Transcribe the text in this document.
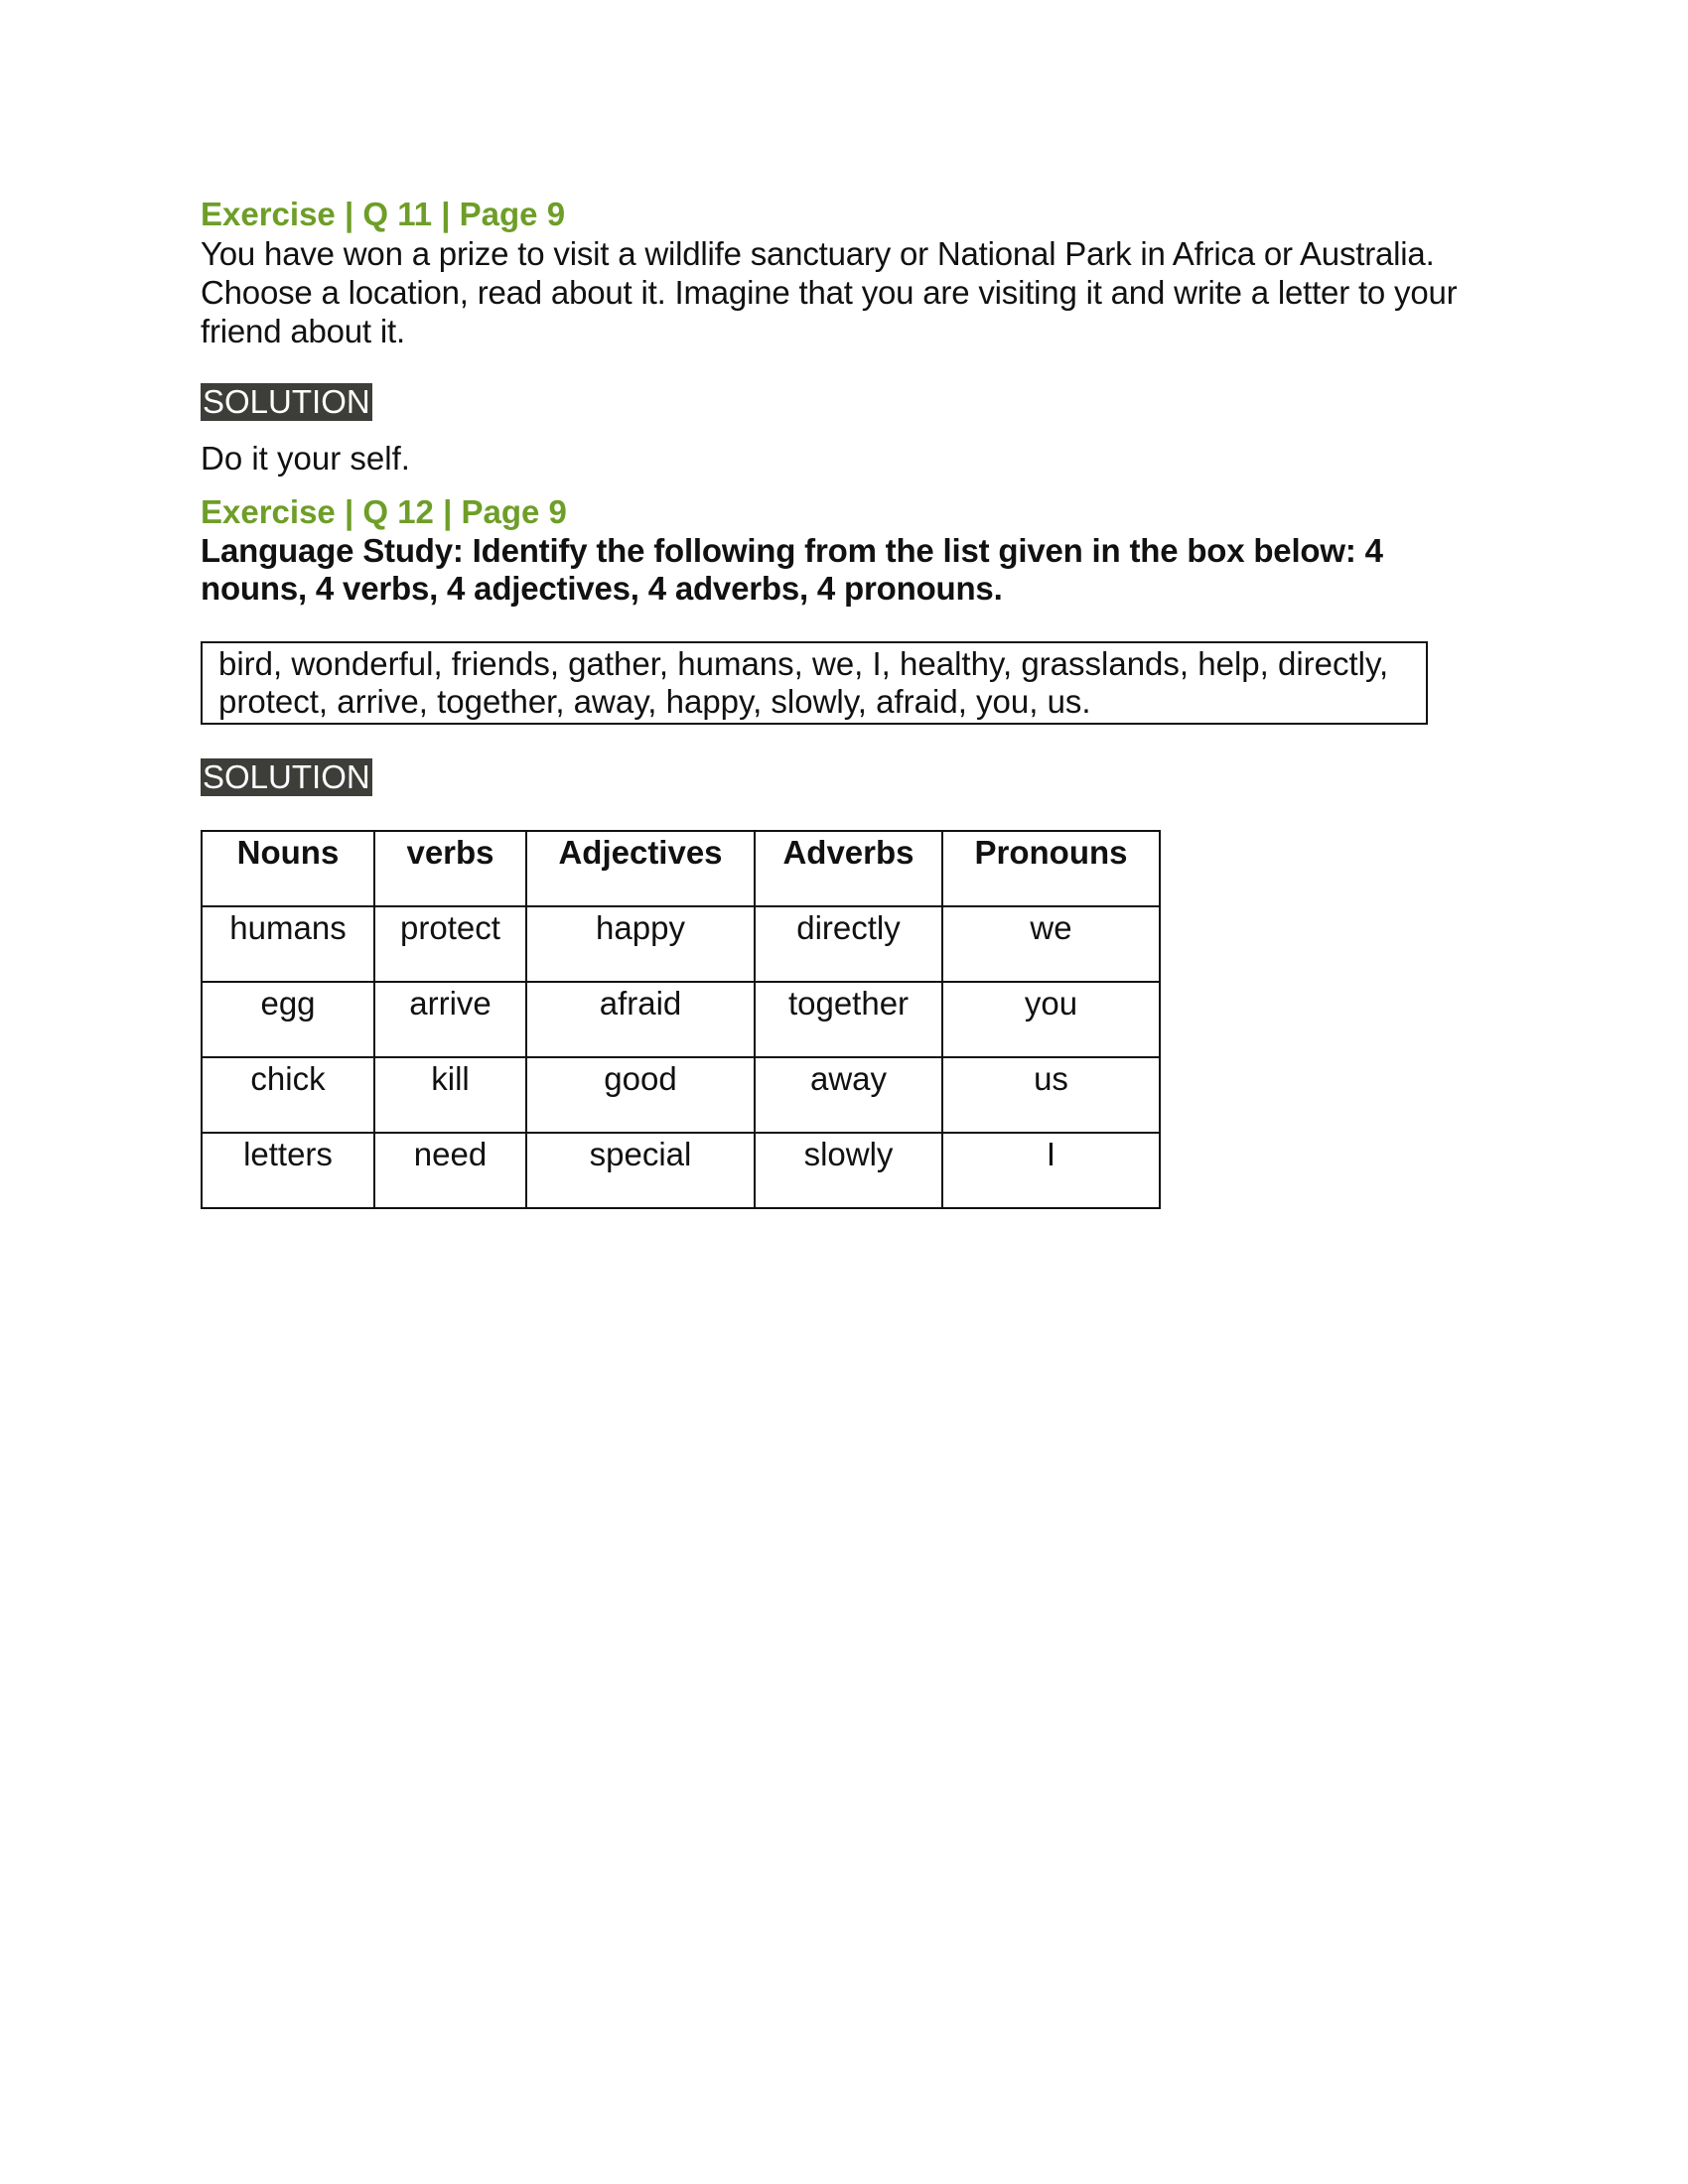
Exercise | Q 11 | Page 9

You have won a prize to visit a wildlife sanctuary or National Park in Africa or Australia. Choose a location, read about it. Imagine that you are visiting it and write a letter to your friend about it.

SOLUTION

Do it your self.

Exercise | Q 12 | Page 9

Language Study: Identify the following from the list given in the box below: 4 nouns, 4 verbs, 4 adjectives, 4 adverbs, 4 pronouns.

bird, wonderful, friends, gather, humans, we, I, healthy, grasslands, help, directly, protect, arrive, together, away, happy, slowly, afraid, you, us.
SOLUTION
Nouns	verbs	Adjectives	Adverbs	Pronouns
humans	protect	happy	directly	we
egg	arrive	afraid	together	you
chick	kill	good	away	us
letters	need	special	slowly	I
